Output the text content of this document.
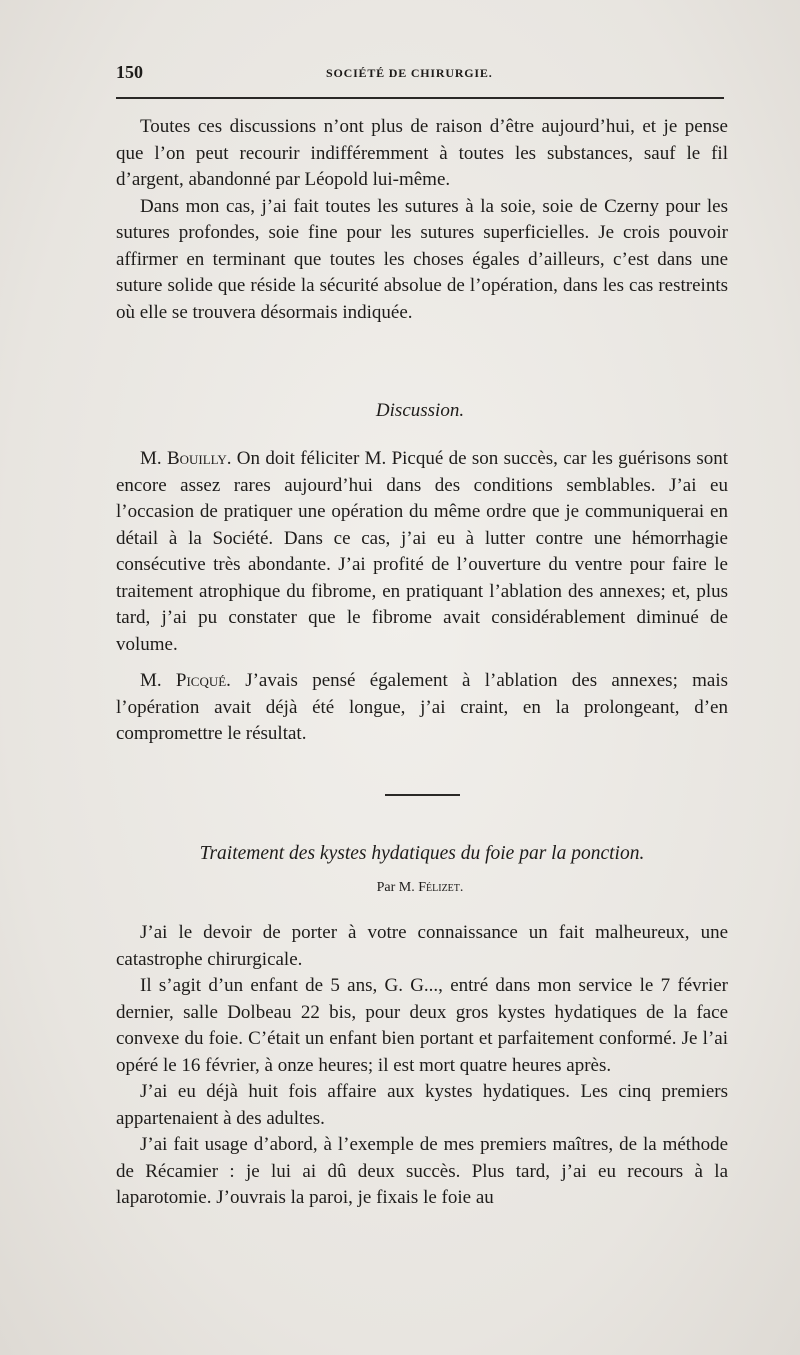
150	SOCIÉTÉ DE CHIRURGIE.

Toutes ces discussions n’ont plus de raison d’être aujourd’hui, et je pense que l’on peut recourir indifféremment à toutes les substances, sauf le fil d’argent, abandonné par Léopold lui-même.

Dans mon cas, j’ai fait toutes les sutures à la soie, soie de Czerny pour les sutures profondes, soie fine pour les sutures superficielles. Je crois pouvoir affirmer en terminant que toutes les choses égales d’ailleurs, c’est dans une suture solide que réside la sécurité absolue de l’opération, dans les cas restreints où elle se trouvera désormais indiquée.

Discussion.

M. Bouilly. On doit féliciter M. Picqué de son succès, car les guérisons sont encore assez rares aujourd’hui dans des conditions semblables. J’ai eu l’occasion de pratiquer une opération du même ordre que je communiquerai en détail à la Société. Dans ce cas, j’ai eu à lutter contre une hémorrhagie consécutive très abondante. J’ai profité de l’ouverture du ventre pour faire le traitement atrophique du fibrome, en pratiquant l’ablation des annexes; et, plus tard, j’ai pu constater que le fibrome avait considérablement diminué de volume.

M. Picqué. J’avais pensé également à l’ablation des annexes; mais l’opération avait déjà été longue, j’ai craint, en la prolongeant, d’en compromettre le résultat.

Traitement des kystes hydatiques du foie par la ponction.
Par M. Félizet.

J’ai le devoir de porter à votre connaissance un fait malheureux, une catastrophe chirurgicale.

Il s’agit d’un enfant de 5 ans, G. G..., entré dans mon service le 7 février dernier, salle Dolbeau 22 bis, pour deux gros kystes hydatiques de la face convexe du foie. C’était un enfant bien portant et parfaitement conformé. Je l’ai opéré le 16 février, à onze heures; il est mort quatre heures après.

J’ai eu déjà huit fois affaire aux kystes hydatiques. Les cinq premiers appartenaient à des adultes.

J’ai fait usage d’abord, à l’exemple de mes premiers maîtres, de la méthode de Récamier : je lui ai dû deux succès. Plus tard, j’ai eu recours à la laparotomie. J’ouvrais la paroi, je fixais le foie au
